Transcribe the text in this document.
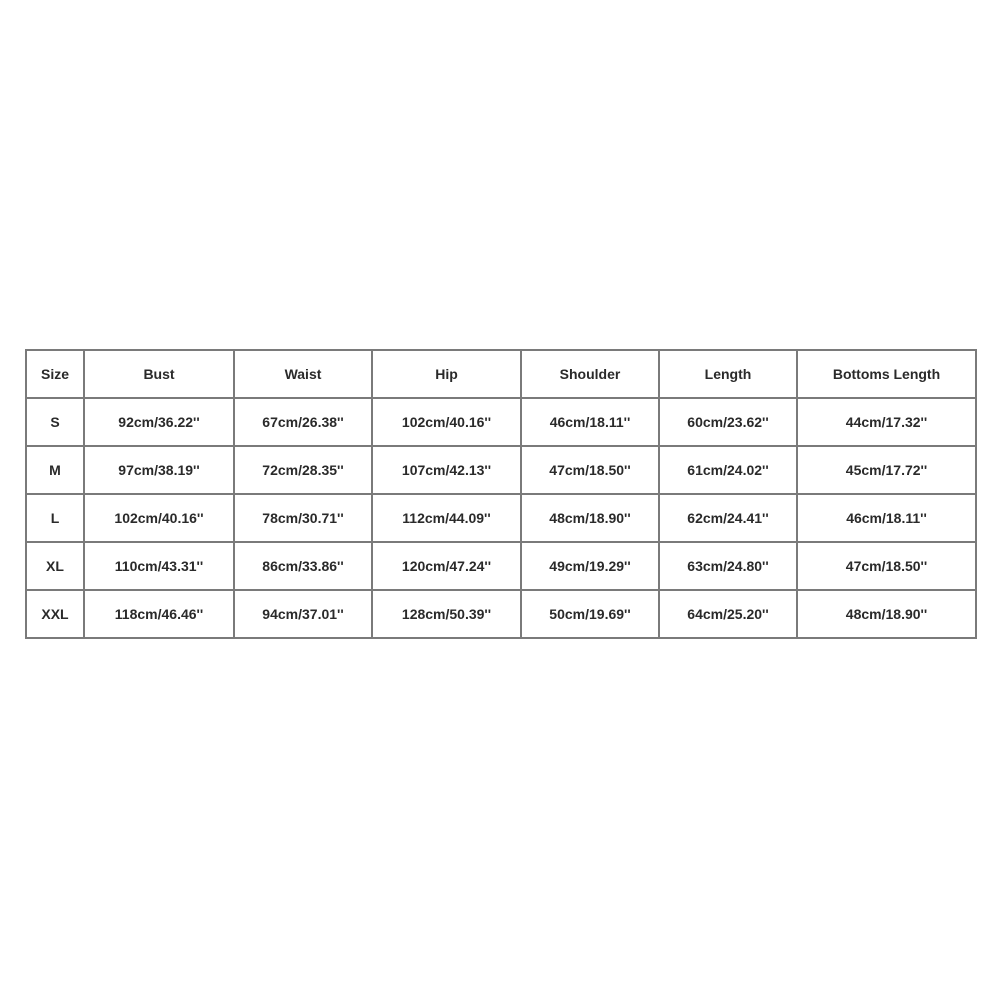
Size	Bust	Waist	Hip	Shoulder	Length	Bottoms Length
S	92cm/36.22''	67cm/26.38''	102cm/40.16''	46cm/18.11''	60cm/23.62''	44cm/17.32''
M	97cm/38.19''	72cm/28.35''	107cm/42.13''	47cm/18.50''	61cm/24.02''	45cm/17.72''
L	102cm/40.16''	78cm/30.71''	112cm/44.09''	48cm/18.90''	62cm/24.41''	46cm/18.11''
XL	110cm/43.31''	86cm/33.86''	120cm/47.24''	49cm/19.29''	63cm/24.80''	47cm/18.50''
XXL	118cm/46.46''	94cm/37.01''	128cm/50.39''	50cm/19.69''	64cm/25.20''	48cm/18.90''
